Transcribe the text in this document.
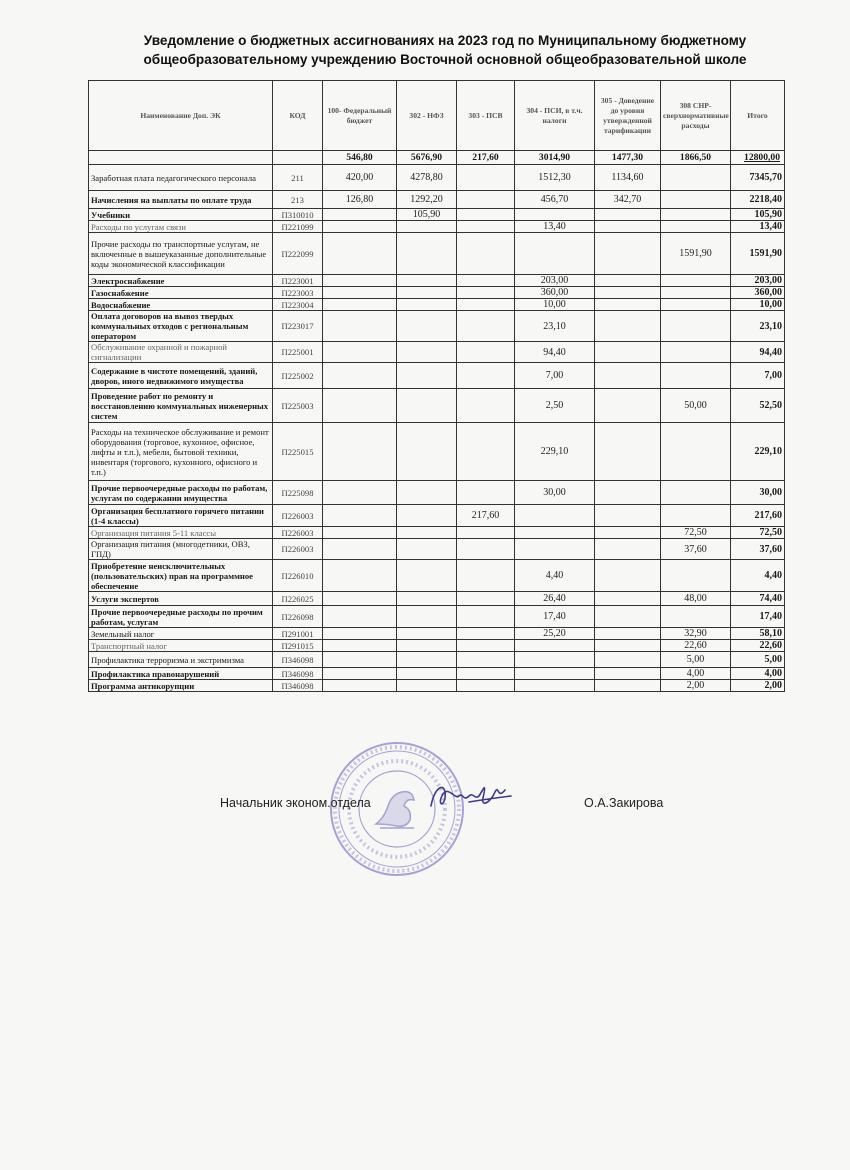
Уведомление о бюджетных ассигнованиях на 2023 год по Муниципальному бюджетному общеобразовательному учреждению Восточной основной общеобразовательной школе
Наименование Доп. ЭК	КОД	100- Федеральный бюджет	302 - НФЗ	303 - ПСВ	304 - ПСИ, в т.ч. налоги	305 - Доведение до уровня утвержденной тарификации	308 СНР-сверхнормативные расходы	Итого
		546,80	5676,90	217,60	3014,90	1477,30	1866,50	12800,00
Заработная плата педагогического персонала	211	420,00	4278,80		1512,30	1134,60		7345,70
Начисления на выплаты по оплате труда	213	126,80	1292,20		456,70	342,70		2218,40
Учебники	П310010		105,90					105,90
Расходы по услугам связи	П221099				13,40			13,40
Прочие расходы по транспортные услугам, не включенные в вышеуказанные дополнительные коды экономической классификации	П222099						1591,90	1591,90
Электроснабжение	П223001				203,00			203,00
Газоснабжение	П223003				360,00			360,00
Водоснабжение	П223004				10,00			10,00
Оплата договоров на вывоз твердых коммунальных отходов с региональным оператором	П223017				23,10			23,10
Обслуживание охранной и пожарной сигнализации	П225001				94,40			94,40
Содержание в чистоте помещений, зданий, дворов, иного недвижимого имущества	П225002				7,00			7,00
Проведение работ по ремонту и восстановлению коммунальных инженерных систем	П225003				2,50		50,00	52,50
Расходы на техническое обслуживание и ремонт оборудования (торговое, кухонное, офисное, лифты и т.п.), мебели, бытовой техники, инвентаря (торгового, кухонного, офисного и т.п.)	П225015				229,10			229,10
Прочие первоочередные расходы по работам, услугам по содержании имущества	П225098				30,00			30,00
Организация бесплатного горячего питании (1-4 классы)	П226003			217,60				217,60
Организация питания 5-11 классы	П226003						72,50	72,50
Организация питания (многодетники, ОВЗ, ГПД)	П226003						37,60	37,60
Приобретение неисключительных (пользовательских) прав на программное обеспечение	П226010				4,40			4,40
Услуги экспертов	П226025				26,40		48,00	74,40
Прочие первоочередные расходы по прочим работам, услугам	П226098				17,40			17,40
Земельный налог	П291001				25,20		32,90	58,10
Транспортный налог	П291015						22,60	22,60
Профилактика терроризма и экстримизма	П346098						5,00	5,00
Профилактика правонарушений	П346098						4,00	4,00
Программа антикорупции	П346098						2,00	2,00
Начальник эконом.отдела	О.А.Закирова
